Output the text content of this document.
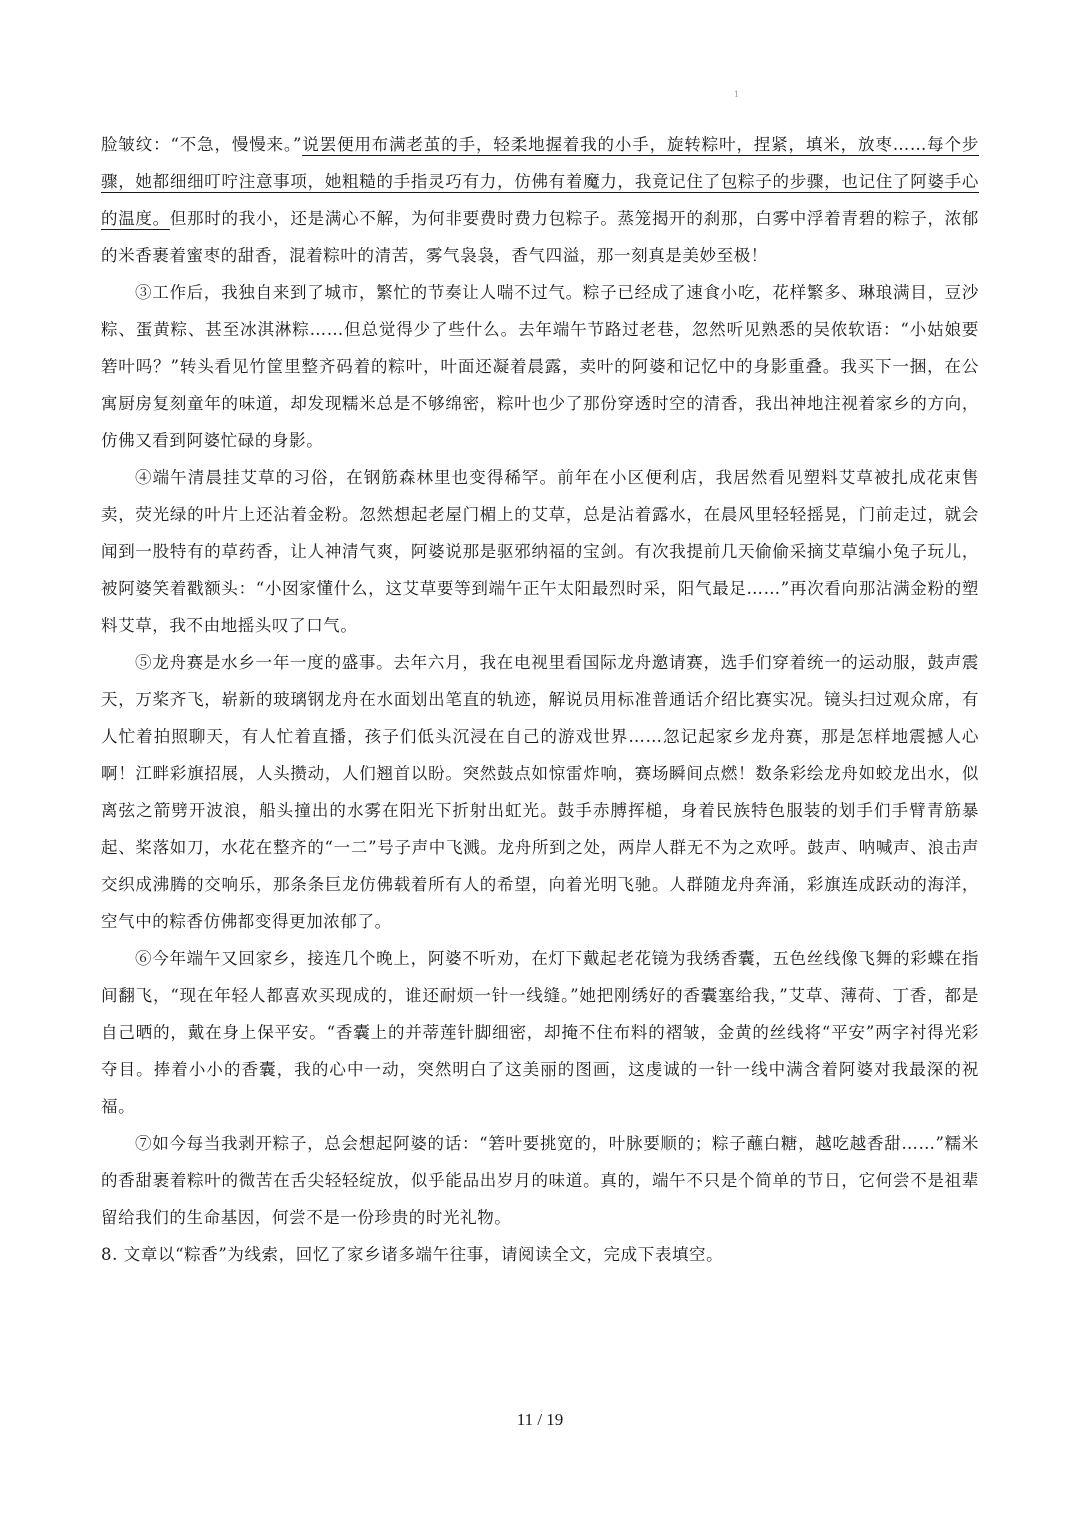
1

脸皱纹：“不急，慢慢来。”说罢便用布满老茧的手，轻柔地握着我的小手，旋转粽叶，捏紧，填米，放枣……每个步骤，她都细细叮咛注意事项，她粗糙的手指灵巧有力，仿佛有着魔力，我竟记住了包粽子的步骤，也记住了阿婆手心的温度。但那时的我小，还是满心不解，为何非要费时费力包粽子。蒸笼揭开的刹那，白雾中浮着青碧的粽子，浓郁的米香裹着蜜枣的甜香，混着粽叶的清苦，雾气袅袅，香气四溢，那一刻真是美妙至极！

③工作后，我独自来到了城市，繁忙的节奏让人喘不过气。粽子已经成了速食小吃，花样繁多、琳琅满目，豆沙粽、蛋黄粽、甚至冰淇淋粽……但总觉得少了些什么。去年端午节路过老巷，忽然听见熟悉的吴侬软语：“小姑娘要箬叶吗？”转头看见竹筐里整齐码着的粽叶，叶面还凝着晨露，卖叶的阿婆和记忆中的身影重叠。我买下一捆，在公寓厨房复刻童年的味道，却发现糯米总是不够绵密，粽叶也少了那份穿透时空的清香，我出神地注视着家乡的方向，仿佛又看到阿婆忙碌的身影。

④端午清晨挂艾草的习俗，在钢筋森林里也变得稀罕。前年在小区便利店，我居然看见塑料艾草被扎成花束售卖，荧光绿的叶片上还沾着金粉。忽然想起老屋门楣上的艾草，总是沾着露水，在晨风里轻轻摇晃，门前走过，就会闻到一股特有的草药香，让人神清气爽，阿婆说那是驱邪纳福的宝剑。有次我提前几天偷偷采摘艾草编小兔子玩儿，被阿婆笑着戳额头：“小囡家懂什么，这艾草要等到端午正午太阳最烈时采，阳气最足……”再次看向那沾满金粉的塑料艾草，我不由地摇头叹了口气。

⑤龙舟赛是水乡一年一度的盛事。去年六月，我在电视里看国际龙舟邀请赛，选手们穿着统一的运动服，鼓声震天，万桨齐飞，崭新的玻璃钢龙舟在水面划出笔直的轨迹，解说员用标准普通话介绍比赛实况。镜头扫过观众席，有人忙着拍照聊天，有人忙着直播，孩子们低头沉浸在自己的游戏世界……忽记起家乡龙舟赛，那是怎样地震撼人心啊！江畔彩旗招展，人头攒动，人们翘首以盼。突然鼓点如惊雷炸响，赛场瞬间点燃！数条彩绘龙舟如蛟龙出水，似离弦之箭劈开波浪，船头撞出的水雾在阳光下折射出虹光。鼓手赤膊挥槌，身着民族特色服装的划手们手臂青筋暴起、桨落如刀，水花在整齐的“一二”号子声中飞溅。龙舟所到之处，两岸人群无不为之欢呼。鼓声、呐喊声、浪击声交织成沸腾的交响乐，那条条巨龙仿佛载着所有人的希望，向着光明飞驰。人群随龙舟奔涌，彩旗连成跃动的海洋，空气中的粽香仿佛都变得更加浓郁了。

⑥今年端午又回家乡，接连几个晚上，阿婆不听劝，在灯下戴起老花镜为我绣香囊，五色丝线像飞舞的彩蝶在指间翻飞，“现在年轻人都喜欢买现成的，谁还耐烦一针一线缝。”她把刚绣好的香囊塞给我，”艾草、薄荷、丁香，都是自己晒的，戴在身上保平安。“香囊上的并蒂莲针脚细密，却掩不住布料的褶皱，金黄的丝线将“平安”两字衬得光彩夺目。捧着小小的香囊，我的心中一动，突然明白了这美丽的图画，这虔诚的一针一线中满含着阿婆对我最深的祝福。

⑦如今每当我剥开粽子，总会想起阿婆的话：“箬叶要挑宽的，叶脉要顺的；粽子蘸白糖，越吃越香甜……”糯米的香甜裹着粽叶的微苦在舌尖轻轻绽放，似乎能品出岁月的味道。真的，端午不只是个简单的节日，它何尝不是祖辈留给我们的生命基因，何尝不是一份珍贵的时光礼物。

8. 文章以“粽香”为线索，回忆了家乡诸多端午往事，请阅读全文，完成下表填空。

11 / 19
